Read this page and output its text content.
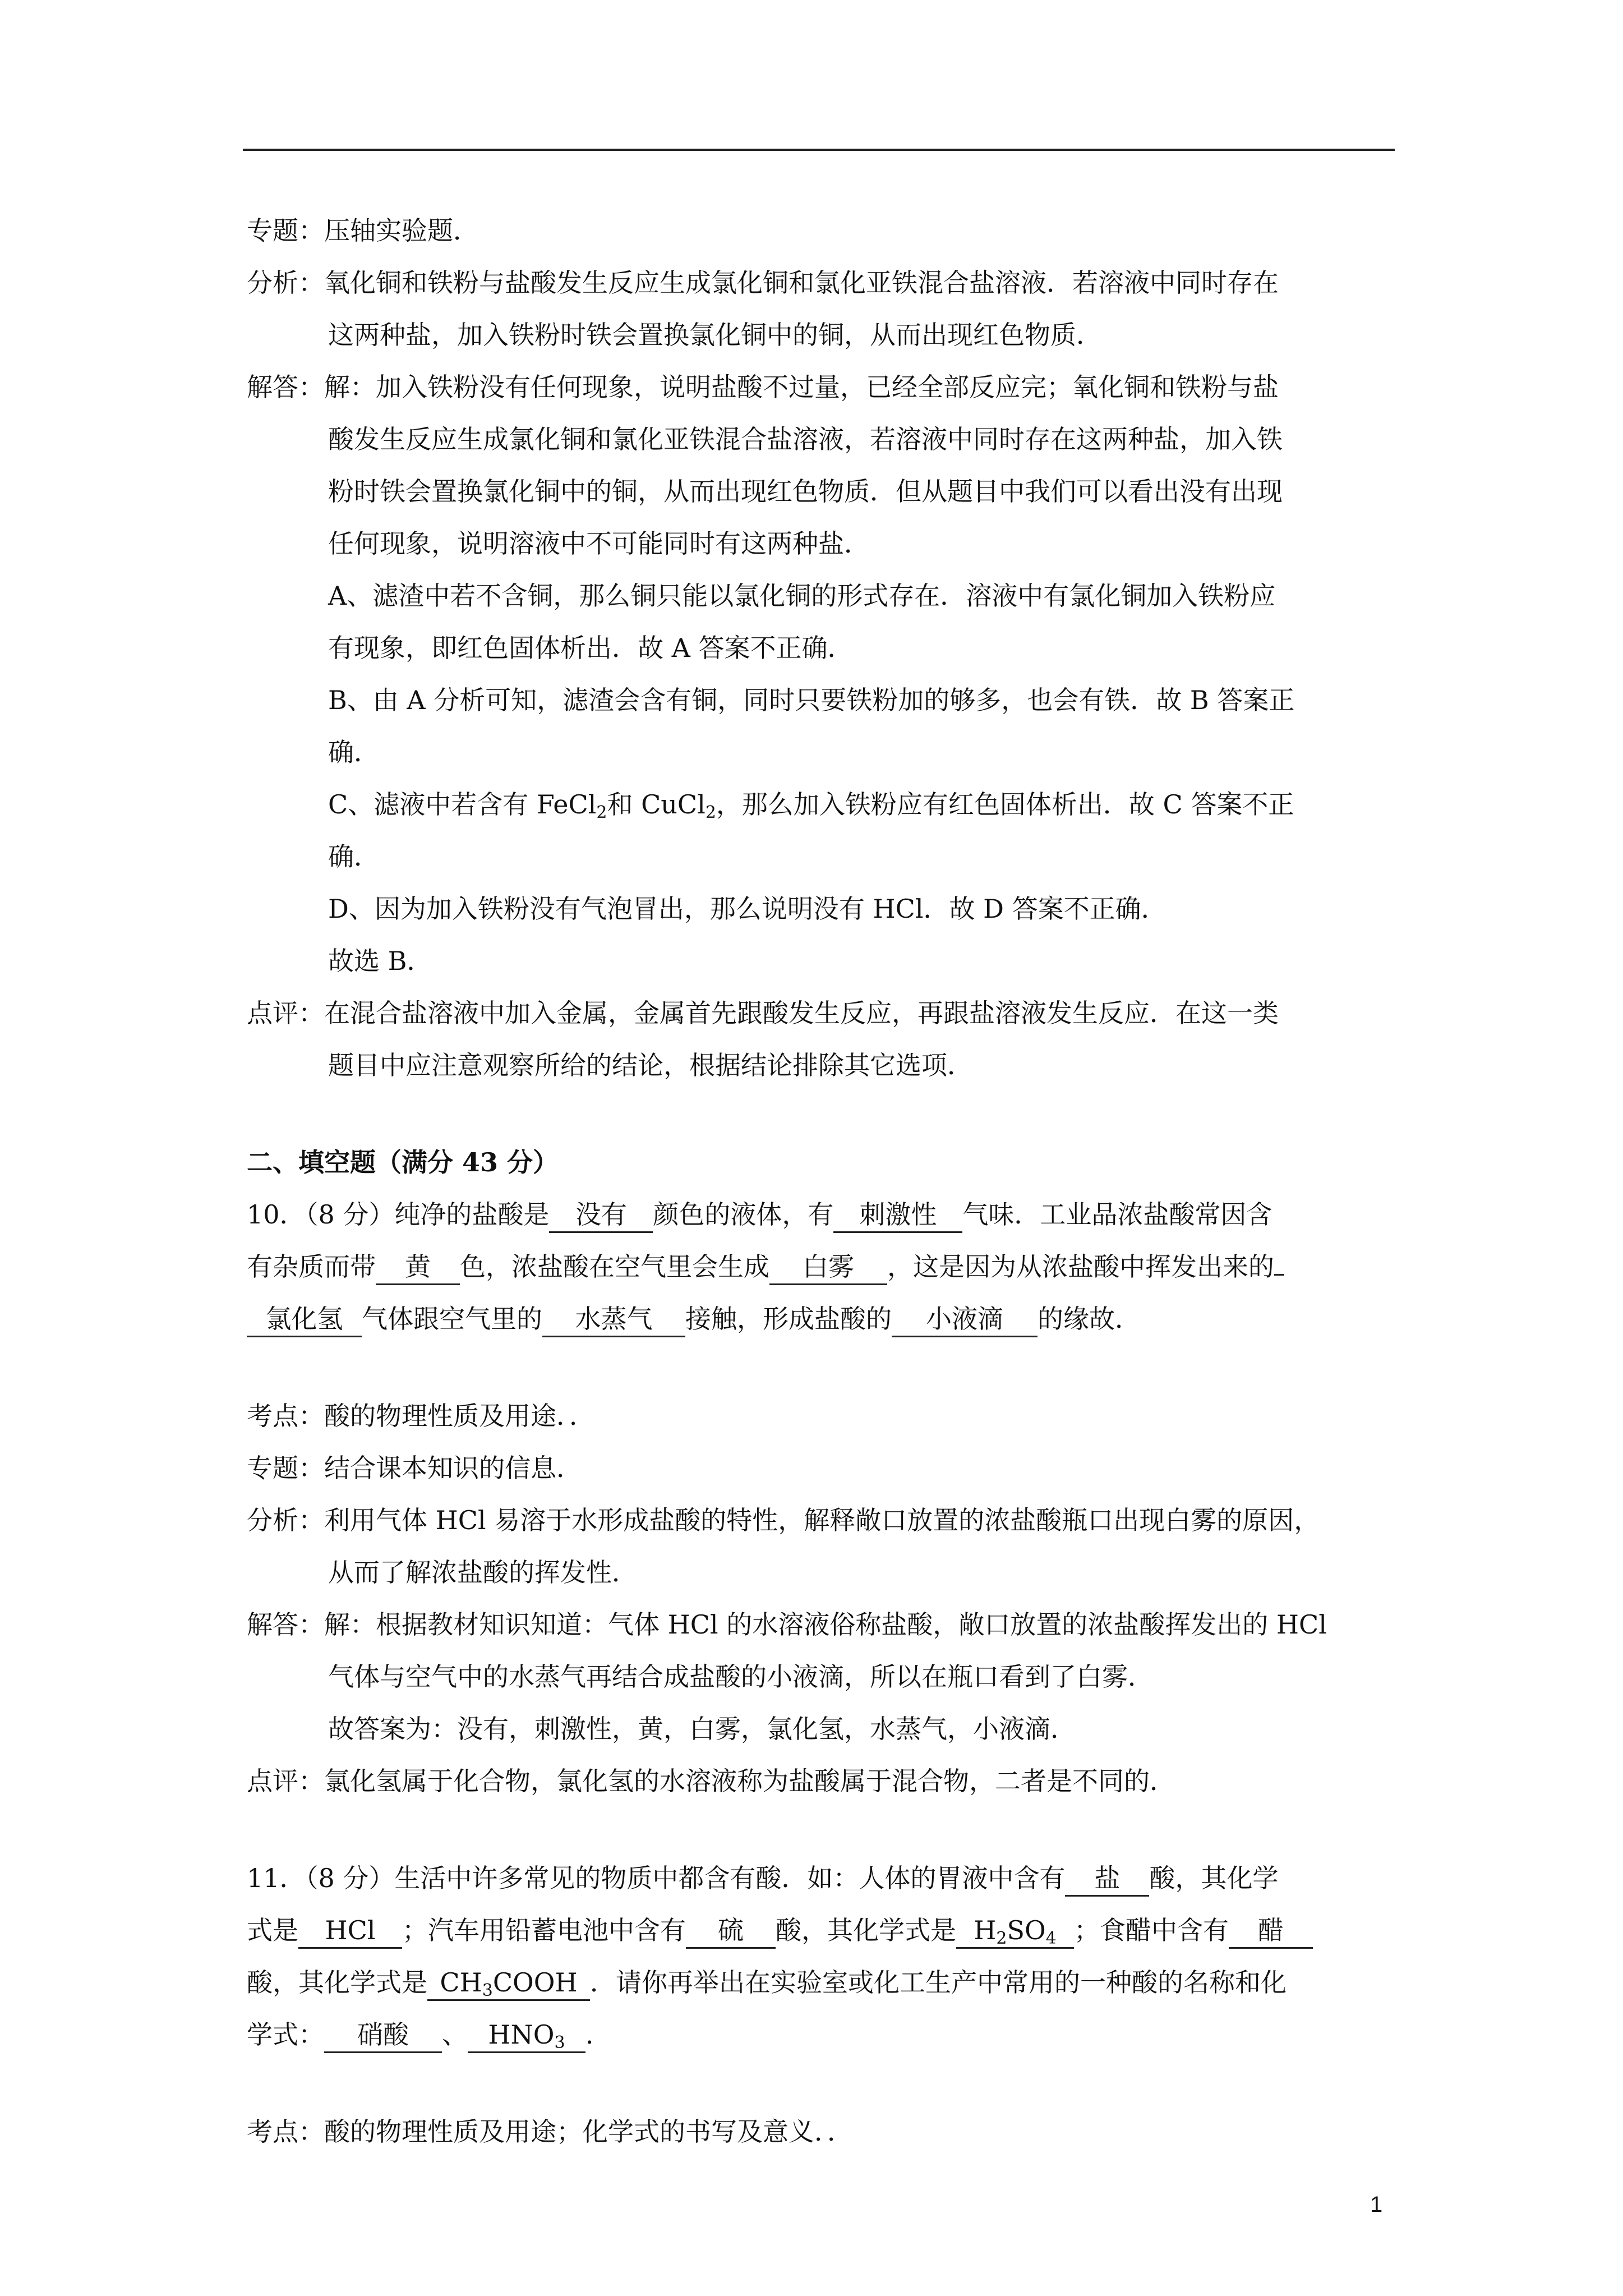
专题：压轴实验题．
分析：氧化铜和铁粉与盐酸发生反应生成氯化铜和氯化亚铁混合盐溶液．若溶液中同时存在
这两种盐，加入铁粉时铁会置换氯化铜中的铜，从而出现红色物质．
解答：解：加入铁粉没有任何现象，说明盐酸不过量，已经全部反应完；氧化铜和铁粉与盐
酸发生反应生成氯化铜和氯化亚铁混合盐溶液，若溶液中同时存在这两种盐，加入铁
粉时铁会置换氯化铜中的铜，从而出现红色物质．但从题目中我们可以看出没有出现
任何现象，说明溶液中不可能同时有这两种盐．
A、滤渣中若不含铜，那么铜只能以氯化铜的形式存在．溶液中有氯化铜加入铁粉应
有现象，即红色固体析出．故 A 答案不正确．
B、由 A 分析可知，滤渣会含有铜，同时只要铁粉加的够多，也会有铁．故 B 答案正
确．
C、滤液中若含有 FeCl$_2$和 CuCl$_2$，那么加入铁粉应有红色固体析出．故 C 答案不正
确．
D、因为加入铁粉没有气泡冒出，那么说明没有 HCl．故 D 答案不正确．
故选 B．
点评：在混合盐溶液中加入金属，金属首先跟酸发生反应，再跟盐溶液发生反应．在这一类
题目中应注意观察所给的结论，根据结论排除其它选项．
二、填空题（满分 43 分）
10．（8 分）纯净的盐酸是 没有 颜色的液体，有 刺激性 气味．工业品浓盐酸常因含
有杂质而带 黄 色，浓盐酸在空气里会生成 白雾 ，这是因为从浓盐酸中挥发出来的
氯化氢 气体跟空气里的 水蒸气 接触，形成盐酸的 小液滴 的缘故．
考点：酸的物理性质及用途．．
专题：结合课本知识的信息．
分析：利用气体 HCl 易溶于水形成盐酸的特性，解释敞口放置的浓盐酸瓶口出现白雾的原因，
从而了解浓盐酸的挥发性．
解答：解：根据教材知识知道：气体 HCl 的水溶液俗称盐酸，敞口放置的浓盐酸挥发出的 HCl
气体与空气中的水蒸气再结合成盐酸的小液滴，所以在瓶口看到了白雾．
故答案为：没有，刺激性，黄，白雾，氯化氢，水蒸气，小液滴．
点评：氯化氢属于化合物，氯化氢的水溶液称为盐酸属于混合物，二者是不同的．
11．（8 分）生活中许多常见的物质中都含有酸．如：人体的胃液中含有 盐 酸，其化学
式是 HCl ；汽车用铅蓄电池中含有 硫 酸，其化学式是 $H_2SO_4$ ；食醋中含有 醋
酸，其化学式是 $CH_3COOH$ ．请你再举出在实验室或化工生产中常用的一种酸的名称和化
学式： 硝酸 、 $HNO_3$ ．
考点：酸的物理性质及用途；化学式的书写及意义．．
1
